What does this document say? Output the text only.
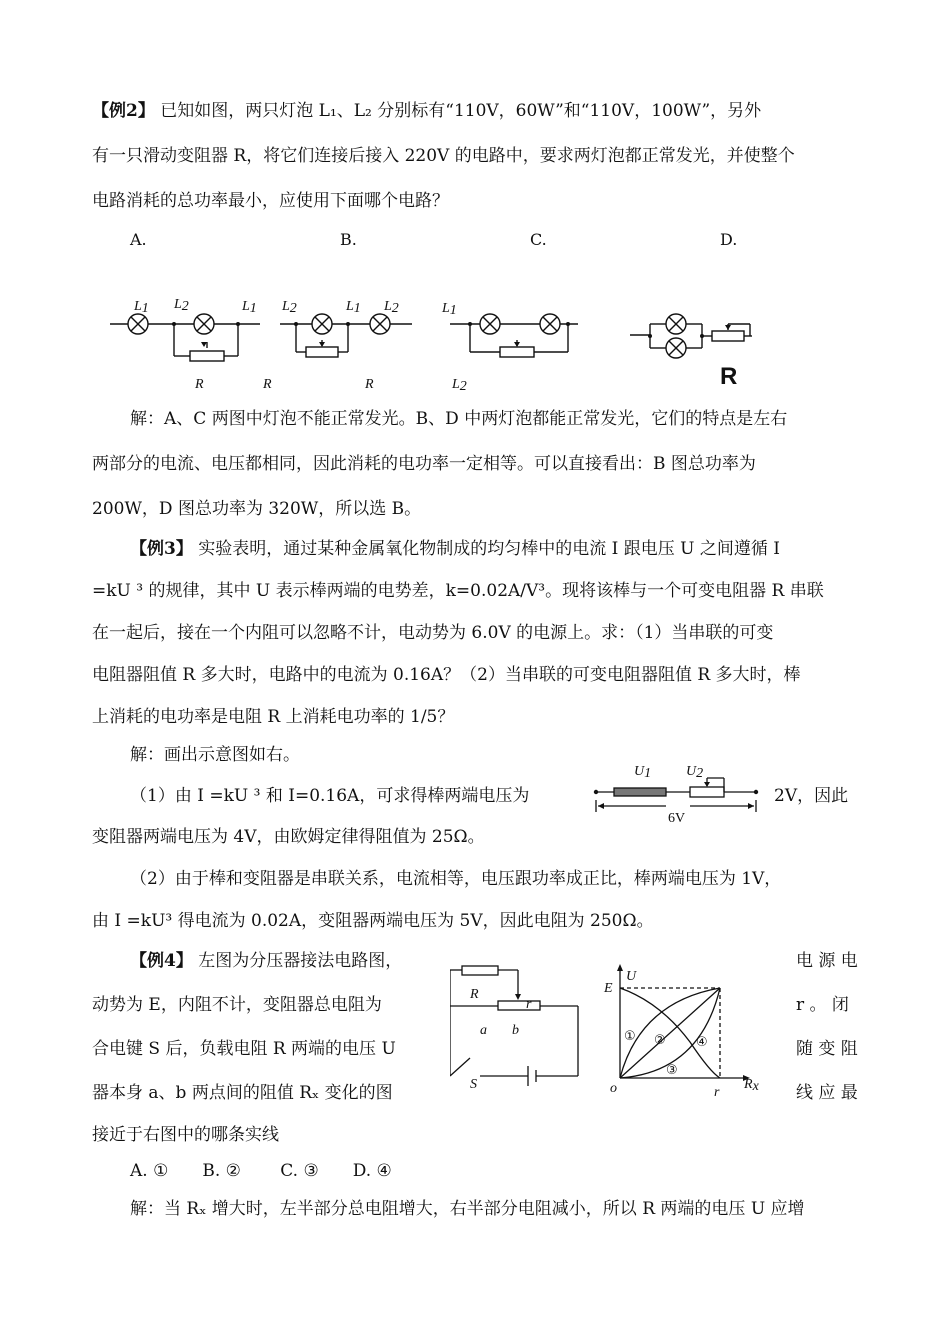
【例2】 已知如图，两只灯泡 L₁、L₂ 分别标有“110V，60W”和“110V，100W”，另外
有一只滑动变阻器 R，将它们连接后接入 220V 的电路中，要求两灯泡都正常发光，并使整个
电路消耗的总功率最小，应使用下面哪个电路？
A.	B.	C.	D.
L1 L2	L1
R
L2	L1 L2
R
L1
R	L2	R
解：A、C 两图中灯泡不能正常发光。B、D 中两灯泡都能正常发光，它们的特点是左右
两部分的电流、电压都相同，因此消耗的电功率一定相等。可以直接看出：B 图总功率为
200W，D 图总功率为 320W，所以选 B。
【例3】 实验表明，通过某种金属氧化物制成的均匀棒中的电流 I 跟电压 U 之间遵循 I
=kU ³ 的规律，其中 U 表示棒两端的电势差，k=0.02A/V³。现将该棒与一个可变电阻器 R 串联
在一起后，接在一个内阻可以忽略不计，电动势为 6.0V 的电源上。求：（1）当串联的可变
电阻器阻值 R 多大时，电路中的电流为 0.16A？（2）当串联的可变电阻器阻值 R 多大时，棒
上消耗的电功率是电阻 R 上消耗电功率的 1/5？
解：画出示意图如右。
（1）由 I =kU ³ 和 I=0.16A，可求得棒两端电压为	2V，因此
U1 U2
6V
变阻器两端电压为 4V，由欧姆定律得阻值为 25Ω。
（2）由于棒和变阻器是串联关系，电流相等，电压跟功率成正比，棒两端电压为 1V，
由 I =kU³ 得电流为 0.02A，变阻器两端电压为 5V，因此电阻为 250Ω。
【例4】 左图为分压器接法电路图，	电 源 电
动势为 E，内阻不计，变阻器总电阻为	r 。 闭
合电键 S 后，负载电阻 R 两端的电压 U	随 变 阻
器本身 a、b 两点间的阻值 Rₓ 变化的图	线 应 最
接近于右图中的哪条实线
R
r
a b
S
U
E
o	r
Rx
① ②
③
④
A. ①　　B. ②　　 C. ③　　D. ④
解：当 Rₓ 增大时，左半部分总电阻增大，右半部分电阻减小，所以 R 两端的电压 U 应增
